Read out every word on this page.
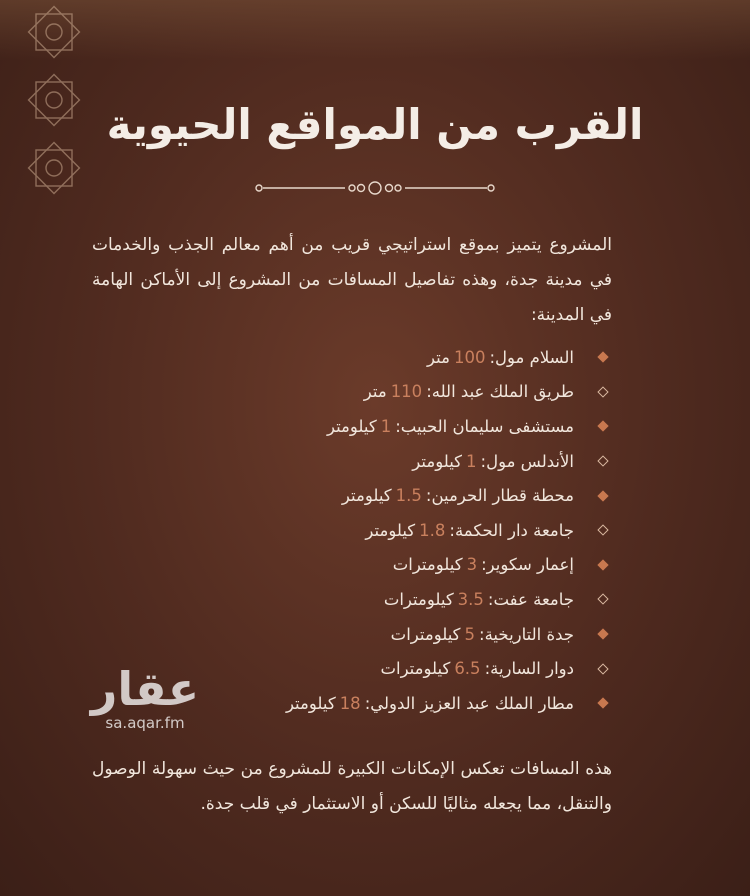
القرب من المواقع الحيوية
المشروع يتميز بموقع استراتيجي قريب من أهم معالم الجذب والخدمات في مدينة جدة، وهذه تفاصيل المسافات من المشروع إلى الأماكن الهامة في المدينة:
السلام مول:
100
متر
طريق الملك عبد الله:
110
متر
مستشفى سليمان الحبيب:
1
كيلومتر
الأندلس مول:
1
كيلومتر
محطة قطار الحرمين:
1.5
كيلومتر
جامعة دار الحكمة:
1.8
كيلومتر
إعمار سكوير:
3
كيلومترات
جامعة عفت:
3.5
كيلومترات
جدة التاريخية:
5
كيلومترات
دوار السارية:
6.5
كيلومترات
مطار الملك عبد العزيز الدولي:
18
كيلومتر
هذه المسافات تعكس الإمكانات الكبيرة للمشروع من حيث سهولة الوصول والتنقل، مما يجعله مثاليًا للسكن أو الاستثمار في قلب جدة.
عقار
sa.aqar.fm
